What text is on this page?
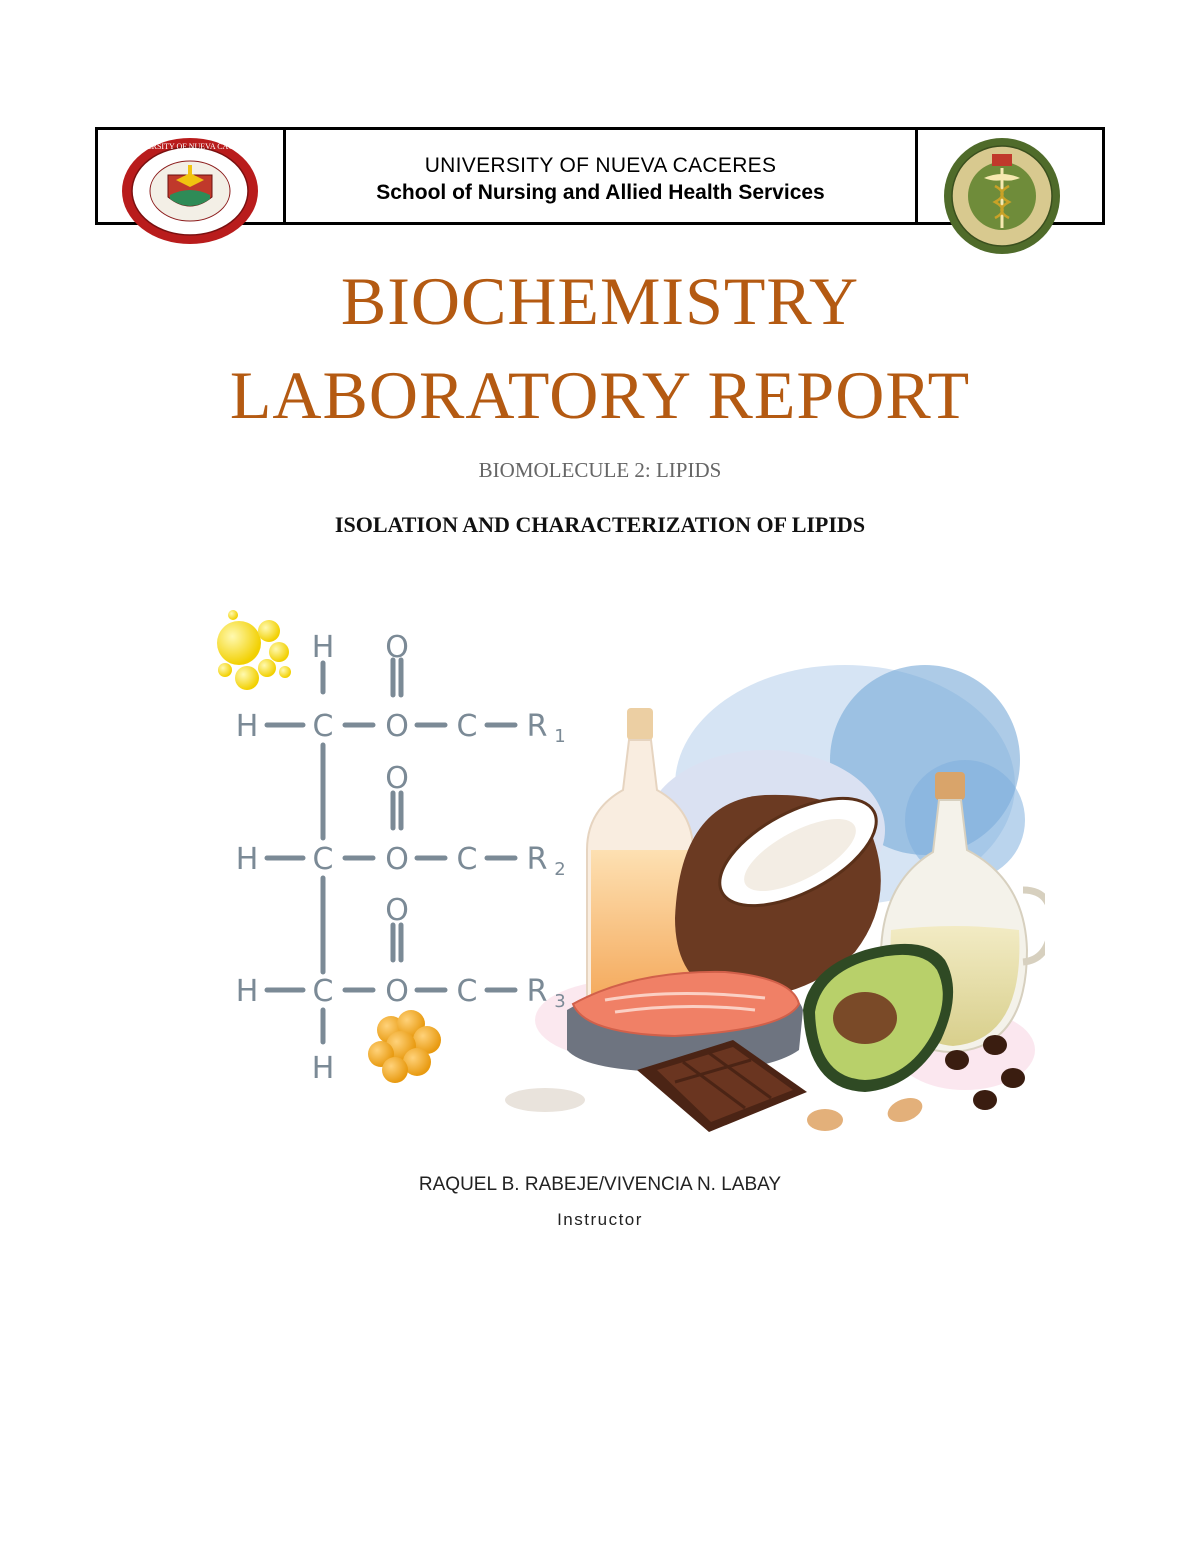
UNIVERSITY OF NUEVA CACERES
School of Nursing and Allied Health Services
UNIVERSITY OF NUEVA CACERES
BIOCHEMISTRY
LABORATORY REPORT
BIOMOLECULE 2: LIPIDS
ISOLATION AND CHARACTERIZATION OF LIPIDS
H O
H C O C R 1
O
H C O C R 2
O
H C O C R 3
H
RAQUEL B. RABEJE/VIVENCIA N. LABAY
Instructor
